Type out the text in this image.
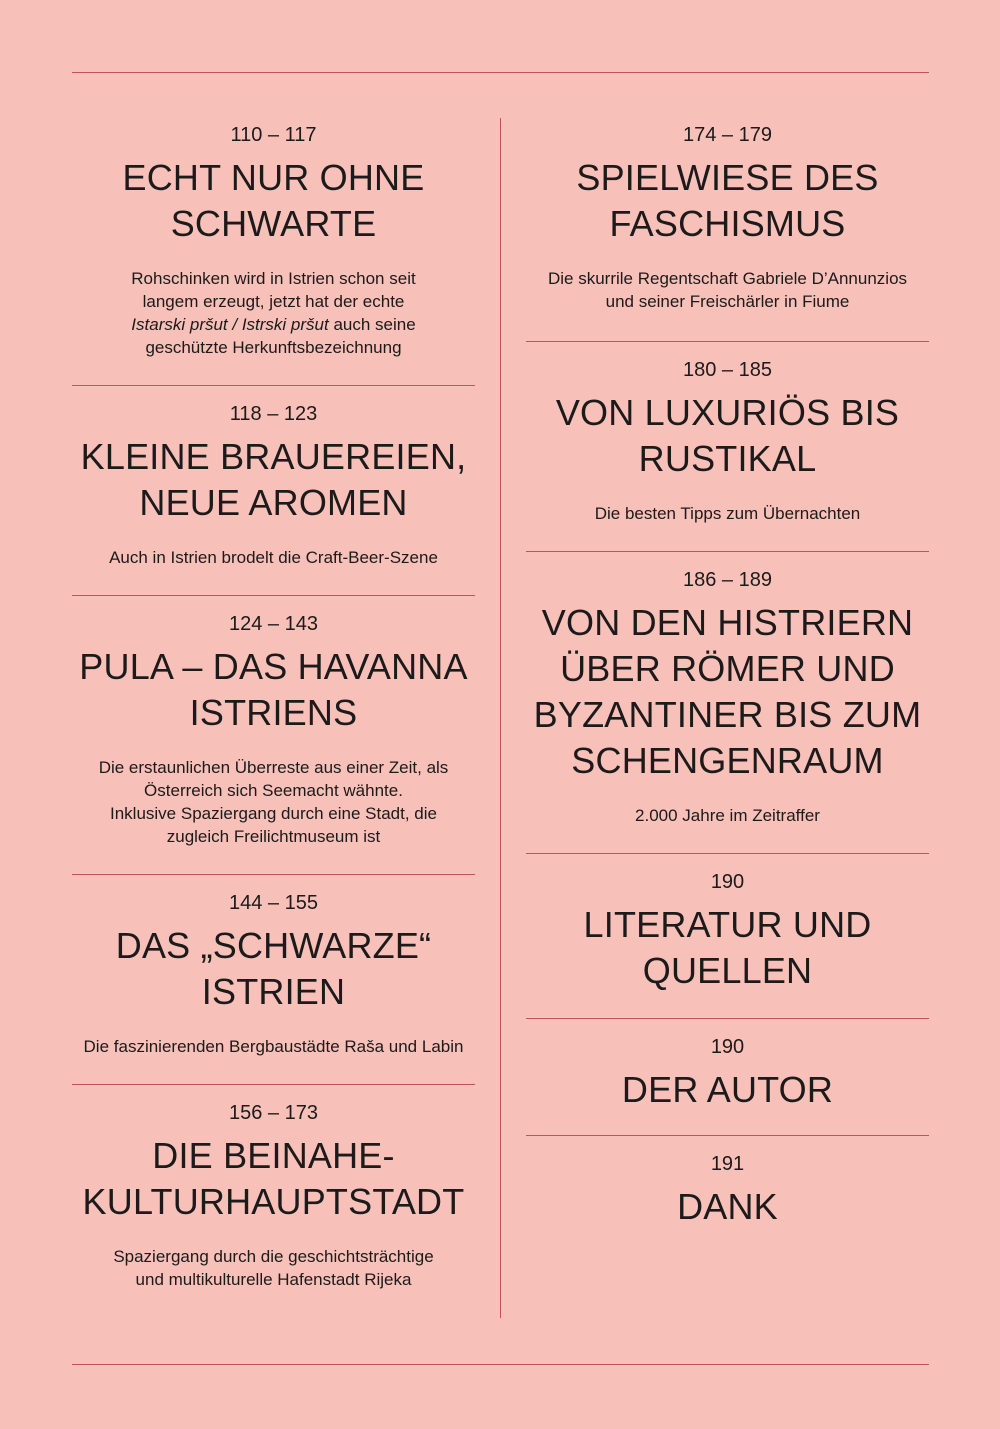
110 – 117
ECHT NUR OHNE
SCHWARTE
Rohschinken wird in Istrien schon seit
langem erzeugt, jetzt hat der echte
Istarski pršut / Istrski pršut auch seine
geschützte Herkunftsbezeichnung
118 – 123
KLEINE BRAUEREIEN,
NEUE AROMEN
Auch in Istrien brodelt die Craft-Beer-Szene
124 – 143
PULA – DAS HAVANNA
ISTRIENS
Die erstaunlichen Überreste aus einer Zeit, als
Österreich sich Seemacht wähnte.
Inklusive Spaziergang durch eine Stadt, die
zugleich Freilichtmuseum ist
144 – 155
DAS „SCHWARZE“
ISTRIEN
Die faszinierenden Bergbaustädte Raša und Labin
156 – 173
DIE BEINAHE-
KULTURHAUPTSTADT
Spaziergang durch die geschichtsträchtige
und multikulturelle Hafenstadt Rijeka
174 – 179
SPIELWIESE DES
FASCHISMUS
Die skurrile Regentschaft Gabriele D’Annunzios
und seiner Freischärler in Fiume
180 – 185
VON LUXURIÖS BIS
RUSTIKAL
Die besten Tipps zum Übernachten
186 – 189
VON DEN HISTRIERN
ÜBER RÖMER UND
BYZANTINER BIS ZUM
SCHENGENRAUM
2.000 Jahre im Zeitraffer
190
LITERATUR UND
QUELLEN
190
DER AUTOR
191
DANK
